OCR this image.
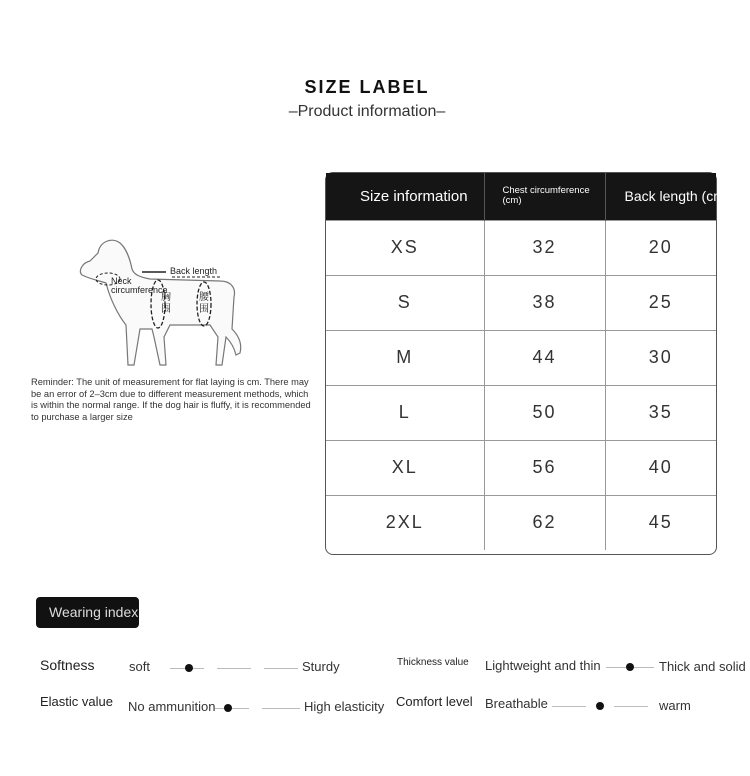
SIZE LABEL
–Product information–
Back length
Neck circumference
胸围
腰围
Reminder: The unit of measurement for flat laying is cm. There may be an error of 2–3cm due to different measurement methods, which is within the normal range. If the dog hair is fluffy, it is recommended to purchase a larger size
Size information	Chest circumference (cm)	Back length (cm)
XS	32	20
S	38	25
M	44	30
L	50	35
XL	56	40
2XL	62	45
Wearing index
Softness	soft	Sturdy	Thickness value Lightweight and thin	Thick and solid
Elastic value No ammunition	High elasticity Comfort level Breathable	warm
